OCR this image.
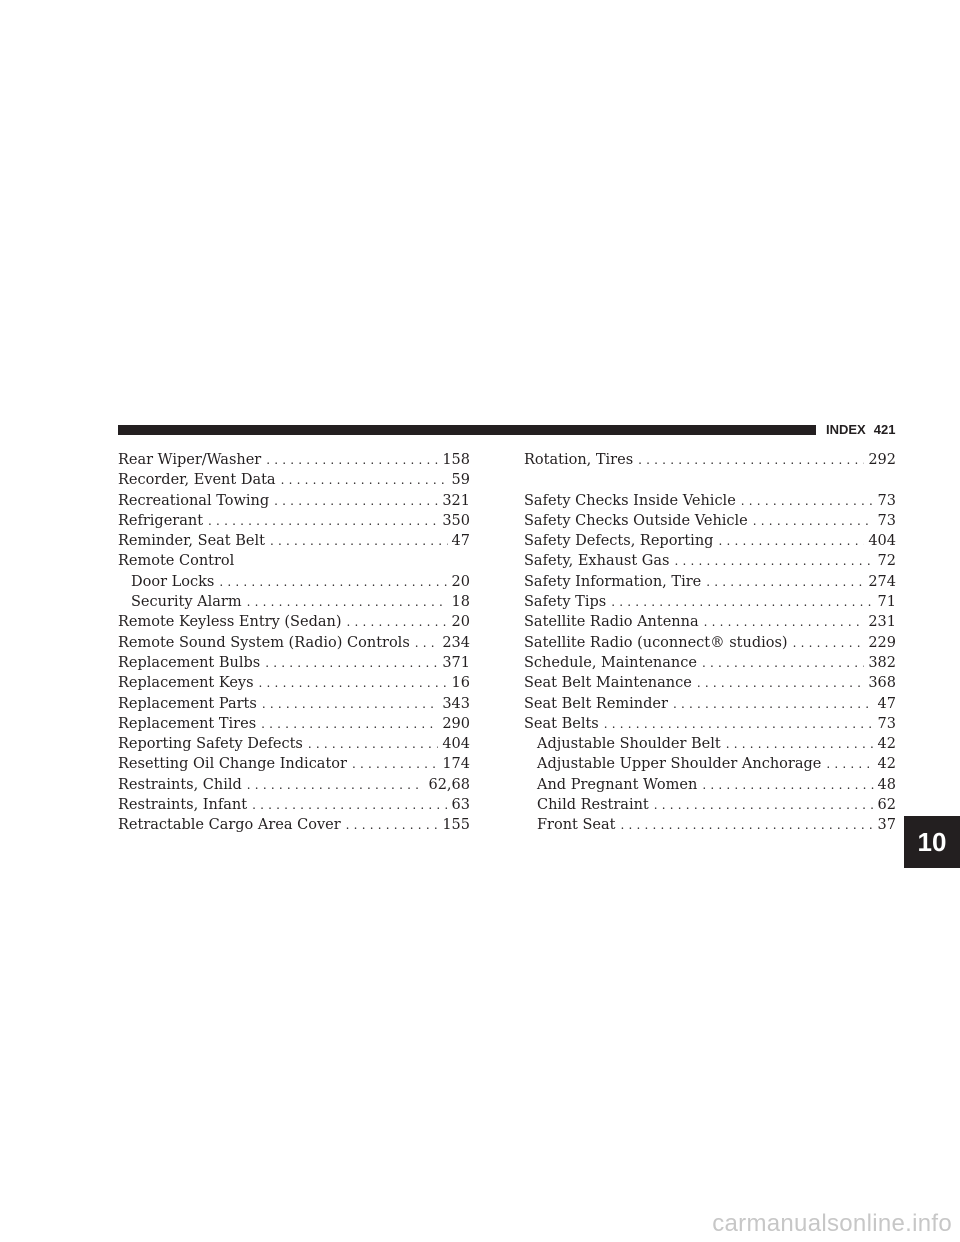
INDEX 421
Rear Wiper/Washer .....	158
Recorder, Event Data .....	59
Recreational Towing .....	321
Refrigerant .....	350
Reminder, Seat Belt .....	47
Remote Control
Door Locks .....	20
Security Alarm .....	18
Remote Keyless Entry (Sedan) .....	20
Remote Sound System (Radio) Controls ..... 234
Replacement Bulbs .....	371
Replacement Keys .....	16
Replacement Parts .....	343
Replacement Tires .....	290
Reporting Safety Defects .....	404
Resetting Oil Change Indicator .....	174
Restraints, Child .....	62,68
Restraints, Infant .....	63
Retractable Cargo Area Cover .....	155
Rotation, Tires .....	292
Safety Checks Inside Vehicle .....	73
Safety Checks Outside Vehicle .....	73
Safety Defects, Reporting .....	404
Safety, Exhaust Gas .....	72
Safety Information, Tire .....	274
Safety Tips .....	71
Satellite Radio Antenna .....	231
Satellite Radio (uconnect® studios) .....	229
Schedule, Maintenance .....	382
Seat Belt Maintenance .....	368
Seat Belt Reminder .....	47
Seat Belts .....	73
Adjustable Shoulder Belt .....	42
Adjustable Upper Shoulder Anchorage .....	42
And Pregnant Women .....	48
Child Restraint .....	62
Front Seat .....	37
10
carmanualsonline.info
